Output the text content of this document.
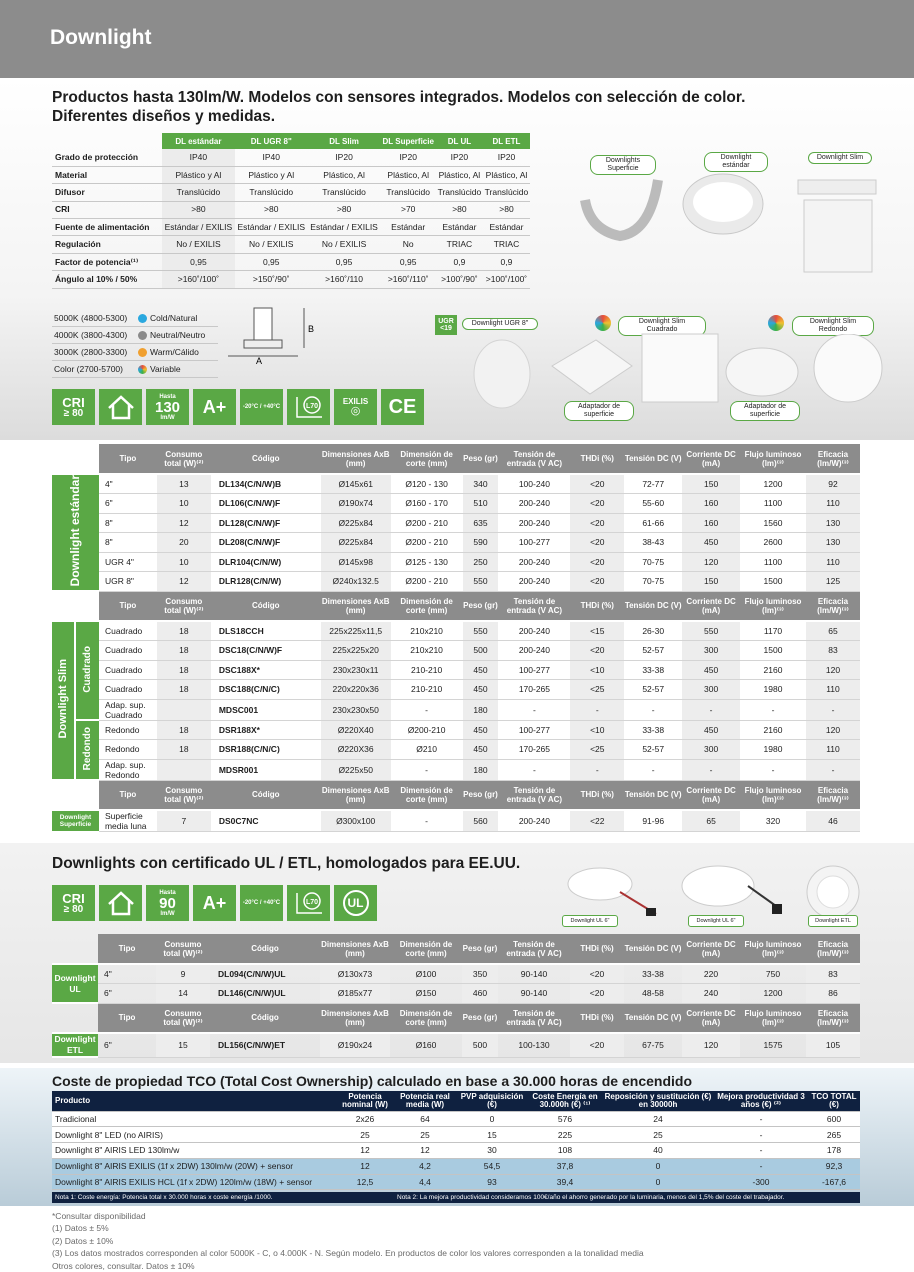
Downlight
Productos hasta 130lm/W. Modelos con sensores integrados. Modelos con selección de color.
Diferentes diseños y medidas.
	DL estándar	DL UGR 8"	DL Slim	DL Superficie	DL UL	DL ETL
Grado de protección	IP40	IP40	IP20	IP20	IP20	IP20
Material	Plástico y Al	Plástico y Al	Plástico, Al	Plástico, Al	Plástico, Al	Plástico, Al
Difusor	Translúcido	Translúcido	Translúcido	Translúcido	Translúcido	Translúcido
CRI	>80	>80	>80	>70	>80	>80
Fuente de alimentación	Estándar / EXILIS	Estándar / EXILIS	Estándar / EXILIS	Estándar	Estándar	Estándar
Regulación	No / EXILIS	No / EXILIS	No / EXILIS	No	TRIAC	TRIAC
Factor de potencia⁽¹⁾	0,95	0,95	0,95	0,95	0,9	0,9
Ángulo al 10% / 50%	>160˚/100˚	>150˚/90˚	>160˚/110	>160˚/110˚	>100˚/90˚	>100˚/100˚
5000K (4800-5300)	Cold/Natural
4000K (3800-4300)	Neutral/Neutro
3000K (2800-3300)	Warm/Cálido
Color (2700-5700)	Variable
A
B
CRI
≥ 80
Hasta
130
lm/W
A+	-20°C / +40°C	L70
EXILIS
◎ CE
Downlights Superficie
Downlight estándar
Downlight Slim
UGR <19
Downlight UGR 8"	Downlight Slim Cuadrado
Adaptador de superficie
Downlight Slim Redondo
Adaptador de superficie
		Tipo	Consumo total (W)⁽²⁾	Código	Dimensiones AxB (mm)	Dimensión de corte (mm)	Peso (gr)	Tensión de entrada (V AC)	THDi (%)	Tensión DC (V)	Corriente DC (mA)	Flujo luminoso (lm)⁽³⁾	Eficacia (lm/W)⁽³⁾
Downlight estándar		4"	13	DL134(C/N/W)B	Ø145x61	Ø120 - 130	340	100-240	<20	72-77	150	1200	92
		6"	10	DL106(C/N/W)F	Ø190x74	Ø160 - 170	510	200-240	<20	55-60	160	1100	110
		8"	12	DL128(C/N/W)F	Ø225x84	Ø200 - 210	635	200-240	<20	61-66	160	1560	130
		8"	20	DL208(C/N/W)F	Ø225x84	Ø200 - 210	590	100-277	<20	38-43	450	2600	130
		UGR 4"	10	DLR104(C/N/W)	Ø145x98	Ø125 - 130	250	200-240	<20	70-75	120	1100	110
		UGR 8"	12	DLR128(C/N/W)	Ø240x132.5	Ø200 - 210	550	200-240	<20	70-75	150	1500	125
		Tipo	Consumo total (W)⁽²⁾	Código	Dimensiones AxB (mm)	Dimensión de corte (mm)	Peso (gr)	Tensión de entrada (V AC)	THDi (%)	Tensión DC (V)	Corriente DC (mA)	Flujo luminoso (lm)⁽³⁾	Eficacia (lm/W)⁽³⁾
Downlight Slim	Cuadrado	Cuadrado	18	DLS18CCH	225x225x11,5	210x210	550	200-240	<15	26-30	550	1170	65
		Cuadrado	18	DSC18(C/N/W)F	225x225x20	210x210	500	200-240	<20	52-57	300	1500	83
		Cuadrado	18	DSC188X*	230x230x11	210-210	450	100-277	<10	33-38	450	2160	120
		Cuadrado	18	DSC188(C/N/C)	220x220x36	210-210	450	170-265	<25	52-57	300	1980	110
		Adap. sup. Cuadrado		MDSC001	230x230x50	-	180	-	-	-	-	-	-
	Redondo	Redondo	18	DSR188X*	Ø220X40	Ø200-210	450	100-277	<10	33-38	450	2160	120
		Redondo	18	DSR188(C/N/C)	Ø220X36	Ø210	450	170-265	<25	52-57	300	1980	110
		Adap. sup. Redondo		MDSR001	Ø225x50	-	180	-	-	-	-	-	-
		Tipo	Consumo total (W)⁽²⁾	Código	Dimensiones AxB (mm)	Dimensión de corte (mm)	Peso (gr)	Tensión de entrada (V AC)	THDi (%)	Tensión DC (V)	Corriente DC (mA)	Flujo luminoso (lm)⁽³⁾	Eficacia (lm/W)⁽³⁾
Downlight Superficie		Superficie media luna	7	DS0C7NC	Ø300x100	-	560	200-240	<22	91-96	65	320	46
Downlights con certificado UL / ETL, homologados para EE.UU.
CRI
≥ 80
Hasta
90
lm/W
A+	-20°C / +40°C	L70	UL
Downlight UL 6"	Downlight UL 6"	Downlight ETL
	Tipo	Consumo total (W)⁽²⁾	Código	Dimensiones AxB (mm)	Dimensión de corte (mm)	Peso (gr)	Tensión de entrada (V AC)	THDi (%)	Tensión DC (V)	Corriente DC (mA)	Flujo luminoso (lm)⁽³⁾	Eficacia (lm/W)⁽³⁾
Downlight UL	4"	9	DL094(C/N/W)UL	Ø130x73	Ø100	350	90-140	<20	33-38	220	750	83
	6"	14	DL146(C/N/W)UL	Ø185x77	Ø150	460	90-140	<20	48-58	240	1200	86
	Tipo	Consumo total (W)⁽²⁾	Código	Dimensiones AxB (mm)	Dimensión de corte (mm)	Peso (gr)	Tensión de entrada (V AC)	THDi (%)	Tensión DC (V)	Corriente DC (mA)	Flujo luminoso (lm)⁽³⁾	Eficacia (lm/W)⁽³⁾
Downlight ETL	6"	15	DL156(C/N/W)ET	Ø190x24	Ø160	500	100-130	<20	67-75	120	1575	105
Coste de propiedad TCO (Total Cost Ownership) calculado en base a 30.000 horas de encendido
Producto	Potencia nominal (W)	Potencia real media (W)	PVP adquisición (€)	Coste Energía en 30.000h (€) ⁽¹⁾	Reposición y sustitución (€) en 30000h	Mejora productividad 3 años (€) ⁽²⁾	TCO TOTAL (€)
Tradicional	2x26	64	0	576	24	-	600
Downlight 8" LED (no AIRIS)	25	25	15	225	25	-	265
Downlight 8" AIRIS LED 130lm/w	12	12	30	108	40	-	178
Downlight 8" AIRIS EXILIS (1f x 2DW) 130lm/w (20W) + sensor	12	4,2	54,5	37,8	0	-	92,3
Downlight 8" AIRIS EXILIS HCL (1f x 2DW) 120lm/w (18W) + sensor	12,5	4,4	93	39,4	0	-300	-167,6
Nota 1: Coste energía: Potencia total x 30.000 horas x coste energía /1000.	Nota 2: La mejora productividad consideramos 100€/año el ahorro generado por la luminaria, menos del 1,5% del coste del trabajador.
*Consultar disponibilidad
(1) Datos ± 5%
(2) Datos ± 10%
(3) Los datos mostrados corresponden al color 5000K - C, o 4.000K - N. Según modelo. En productos de color los valores corresponden a la tonalidad media
Otros colores, consultar. Datos ± 10%
